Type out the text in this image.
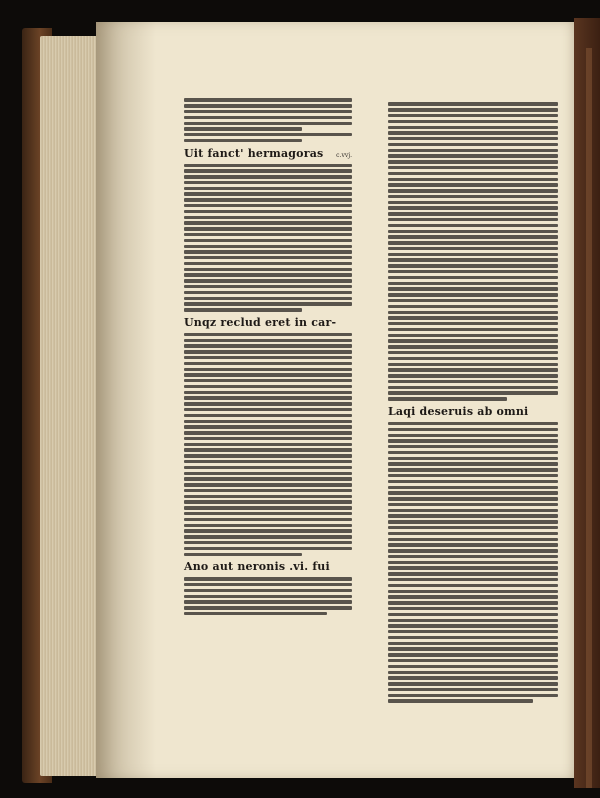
Uit fanct' hermagoras c.vvj.
Unqz reclud eret in car-
Ano aut neronis .vi. fui
Laqi deseruis ab omni
